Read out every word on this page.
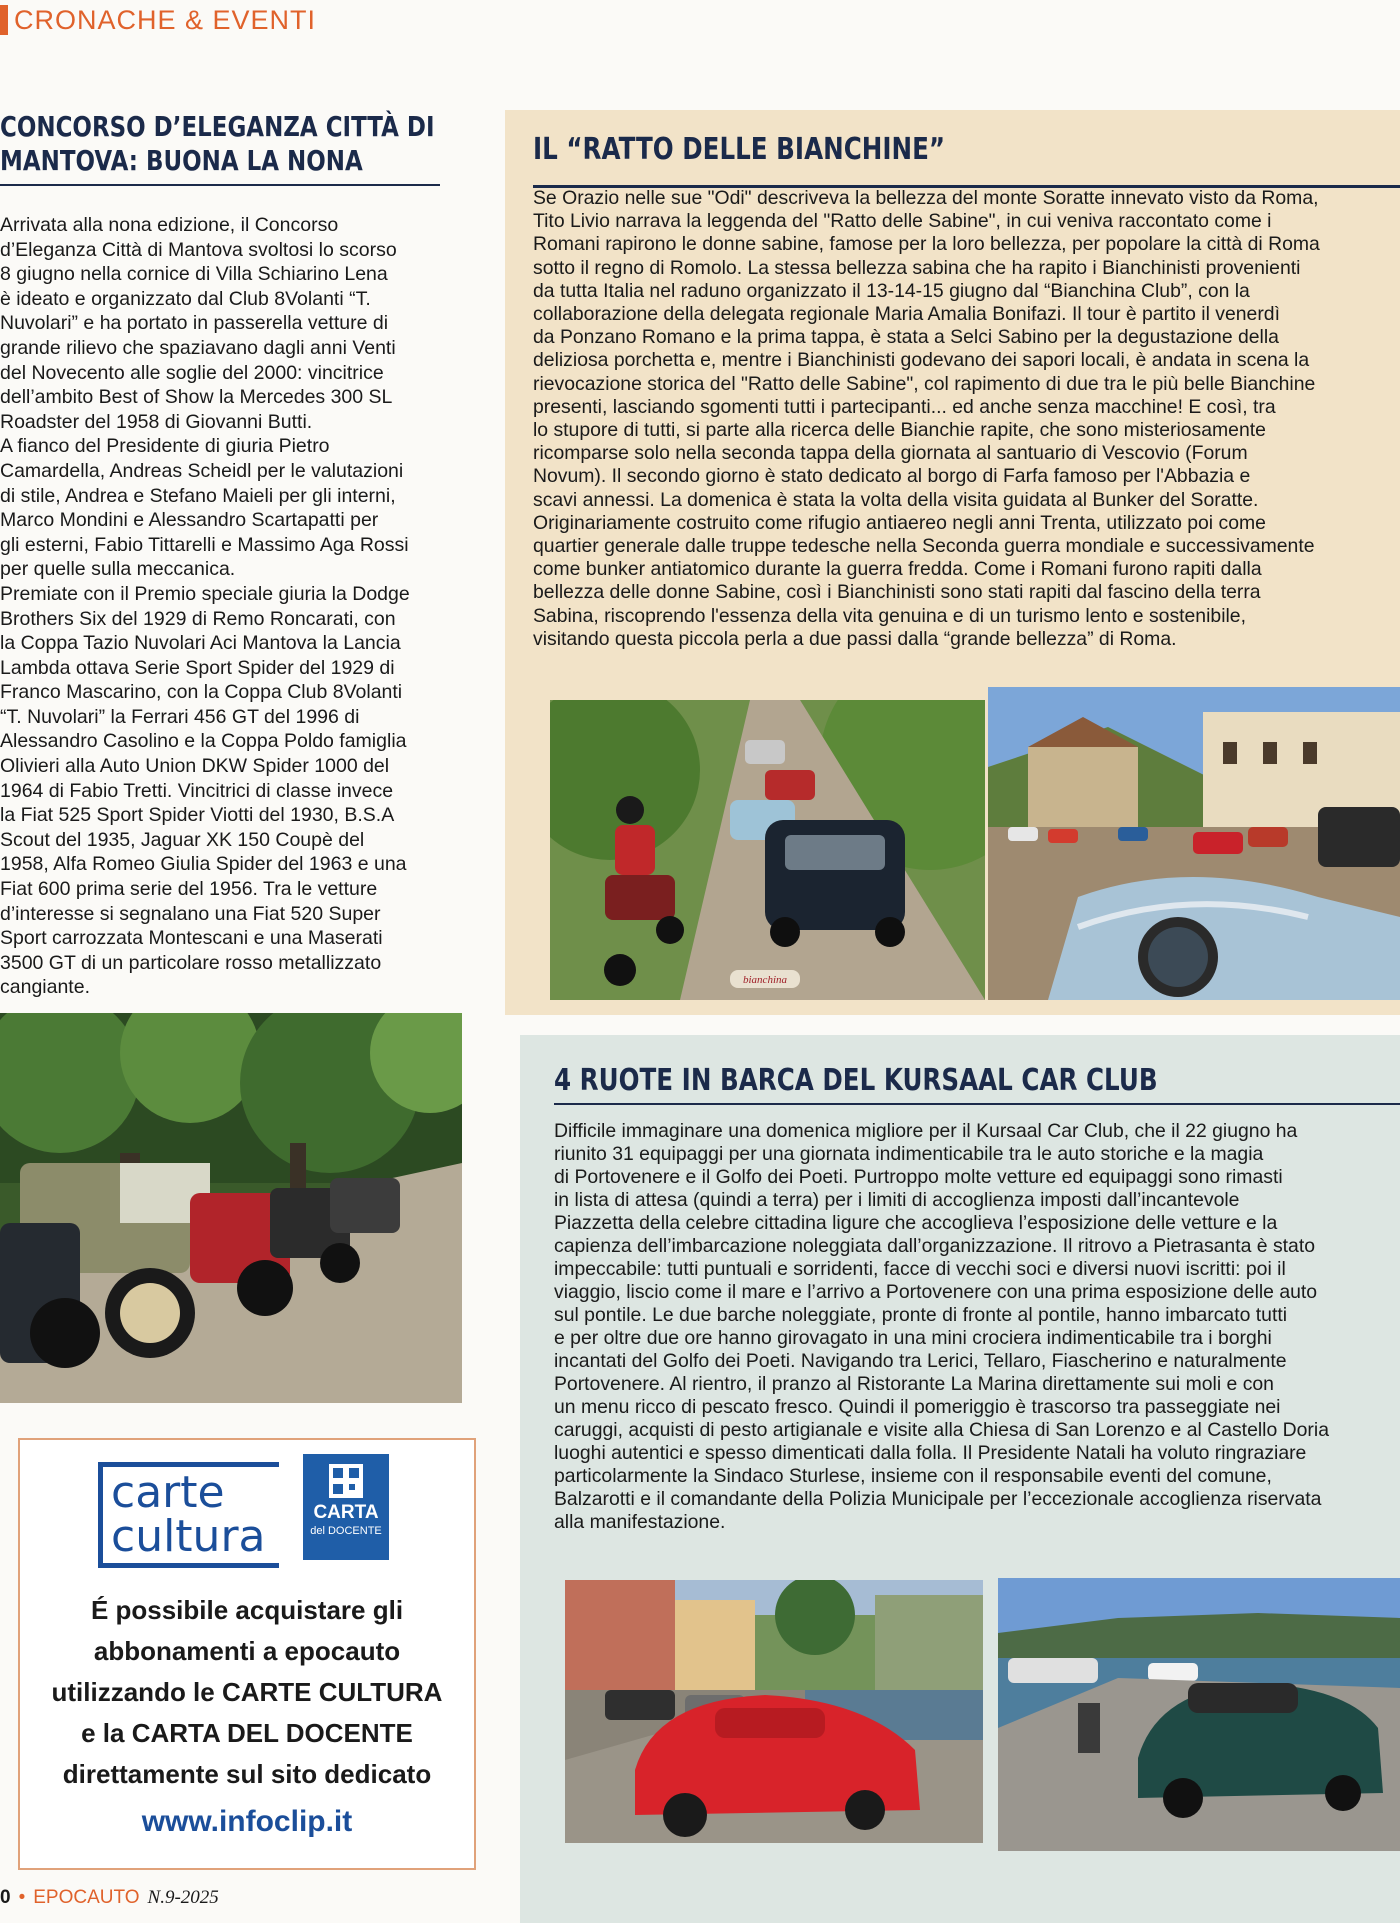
CRONACHE & EVENTI
CONCORSO D’ELEGANZA CITTÀ DI
MANTOVA: BUONA LA NONA
Arrivata alla nona edizione, il Concorso
d’Eleganza Città di Mantova svoltosi lo scorso
8 giugno nella cornice di Villa Schiarino Lena
è ideato e organizzato dal Club 8Volanti “T.
Nuvolari” e ha portato in passerella vetture di
grande rilievo che spaziavano dagli anni Venti
del Novecento alle soglie del 2000: vincitrice
dell’ambito Best of Show la Mercedes 300 SL
Roadster del 1958 di Giovanni Butti.
A fianco del Presidente di giuria Pietro
Camardella, Andreas Scheidl per le valutazioni
di stile, Andrea e Stefano Maieli per gli interni,
Marco Mondini e Alessandro Scartapatti per
gli esterni, Fabio Tittarelli e Massimo Aga Rossi
per quelle sulla meccanica.
Premiate con il Premio speciale giuria la Dodge
Brothers Six del 1929 di Remo Roncarati, con
la Coppa Tazio Nuvolari Aci Mantova la Lancia
Lambda ottava Serie Sport Spider del 1929 di
Franco Mascarino, con la Coppa Club 8Volanti
“T. Nuvolari” la Ferrari 456 GT del 1996 di
Alessandro Casolino e la Coppa Poldo famiglia
Olivieri alla Auto Union DKW Spider 1000 del
1964 di Fabio Tretti. Vincitrici di classe invece
la Fiat 525 Sport Spider Viotti del 1930, B.S.A
Scout del 1935, Jaguar XK 150 Coupè del
1958, Alfa Romeo Giulia Spider del 1963 e una
Fiat 600 prima serie del 1956. Tra le vetture
d’interesse si segnalano una Fiat 520 Super
Sport carrozzata Montescani e una Maserati
3500 GT di un particolare rosso metallizzato
cangiante.
carte
cultura	CARTA
del DOCENTE
É possibile acquistare gli
abbonamenti a epocauto
utilizzando le CARTE CULTURA
e la CARTA DEL DOCENTE
direttamente sul sito dedicato
www.infoclip.it
0 • EPOCAUTO N.9-2025
IL “RATTO DELLE BIANCHINE”
Se Orazio nelle sue "Odi" descriveva la bellezza del monte Soratte innevato visto da Roma,
Tito Livio narrava la leggenda del "Ratto delle Sabine", in cui veniva raccontato come i
Romani rapirono le donne sabine, famose per la loro bellezza, per popolare la città di Roma
sotto il regno di Romolo. La stessa bellezza sabina che ha rapito i Bianchinisti provenienti
da tutta Italia nel raduno organizzato il 13-14-15 giugno dal “Bianchina Club”, con la
collaborazione della delegata regionale Maria Amalia Bonifazi. Il tour è partito il venerdì
da Ponzano Romano e la prima tappa, è stata a Selci Sabino per la degustazione della
deliziosa porchetta e, mentre i Bianchinisti godevano dei sapori locali, è andata in scena la
rievocazione storica del "Ratto delle Sabine", col rapimento di due tra le più belle Bianchine
presenti, lasciando sgomenti tutti i partecipanti... ed anche senza macchine! E così, tra
lo stupore di tutti, si parte alla ricerca delle Bianchie rapite, che sono misteriosamente
ricomparse solo nella seconda tappa della giornata al santuario di Vescovio (Forum
Novum). Il secondo giorno è stato dedicato al borgo di Farfa famoso per l'Abbazia e
scavi annessi. La domenica è stata la volta della visita guidata al Bunker del Soratte.
Originariamente costruito come rifugio antiaereo negli anni Trenta, utilizzato poi come
quartier generale dalle truppe tedesche nella Seconda guerra mondiale e successivamente
come bunker antiatomico durante la guerra fredda. Come i Romani furono rapiti dalla
bellezza delle donne Sabine, così i Bianchinisti sono stati rapiti dal fascino della terra
Sabina, riscoprendo l'essenza della vita genuina e di un turismo lento e sostenibile,
visitando questa piccola perla a due passi dalla “grande bellezza” di Roma.
bianchina
4 RUOTE IN BARCA DEL KURSAAL CAR CLUB
Difficile immaginare una domenica migliore per il Kursaal Car Club, che il 22 giugno ha
riunito 31 equipaggi per una giornata indimenticabile tra le auto storiche e la magia
di Portovenere e il Golfo dei Poeti. Purtroppo molte vetture ed equipaggi sono rimasti
in lista di attesa (quindi a terra) per i limiti di accoglienza imposti dall’incantevole
Piazzetta della celebre cittadina ligure che accoglieva l’esposizione delle vetture e la
capienza dell’imbarcazione noleggiata dall’organizzazione. Il ritrovo a Pietrasanta è stato
impeccabile: tutti puntuali e sorridenti, facce di vecchi soci e diversi nuovi iscritti: poi il
viaggio, liscio come il mare e l’arrivo a Portovenere con una prima esposizione delle auto
sul pontile. Le due barche noleggiate, pronte di fronte al pontile, hanno imbarcato tutti
e per oltre due ore hanno girovagato in una mini crociera indimenticabile tra i borghi
incantati del Golfo dei Poeti. Navigando tra Lerici, Tellaro, Fiascherino e naturalmente
Portovenere. Al rientro, il pranzo al Ristorante La Marina direttamente sui moli e con
un menu ricco di pescato fresco. Quindi il pomeriggio è trascorso tra passeggiate nei
caruggi, acquisti di pesto artigianale e visite alla Chiesa di San Lorenzo e al Castello Doria
luoghi autentici e spesso dimenticati dalla folla. Il Presidente Natali ha voluto ringraziare
particolarmente la Sindaco Sturlese, insieme con il responsabile eventi del comune,
Balzarotti e il comandante della Polizia Municipale per l’eccezionale accoglienza riservata
alla manifestazione.
